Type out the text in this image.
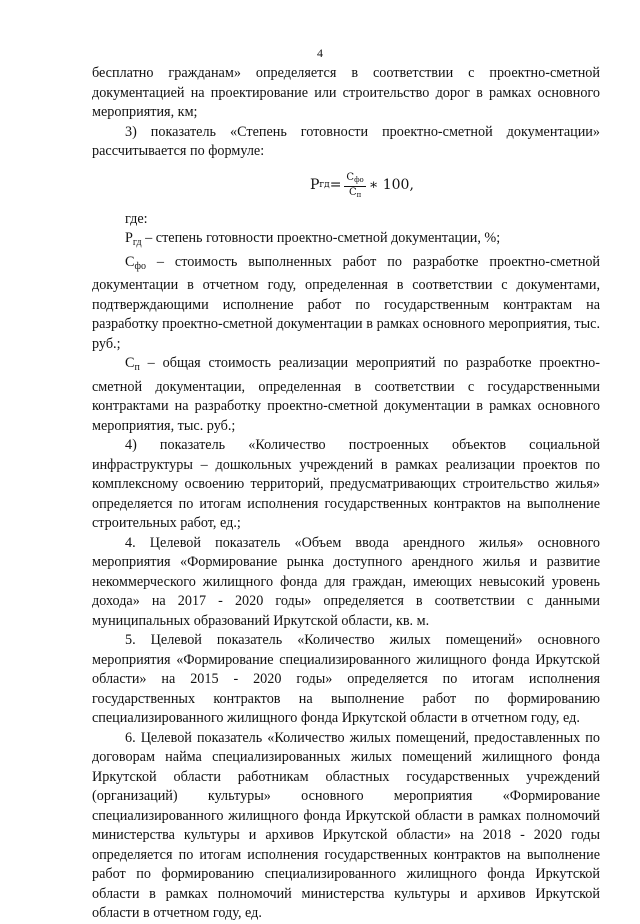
4

бесплатно гражданам» определяется в соответствии с проектно-сметной документацией на проектирование или строительство дорог в рамках основного мероприятия, км;

3) показатель «Степень готовности проектно-сметной документации» рассчитывается по формуле:

Р гд = $\frac{С_{фо}}{С_п}$ ∗ 100,

где:

$Р_{гд}$ – степень готовности проектно-сметной документации, %;

$С_{фо}$ – стоимость выполненных работ по разработке проектно-сметной документации в отчетном году, определенная в соответствии с документами, подтверждающими исполнение работ по государственным контрактам на разработку проектно-сметной документации в рамках основного мероприятия, тыс. руб.;

$С_п$ – общая стоимость реализации мероприятий по разработке проектно-сметной документации, определенная в соответствии с государственными контрактами на разработку проектно-сметной документации в рамках основного мероприятия, тыс. руб.;

4) показатель «Количество построенных объектов социальной инфраструктуры – дошкольных учреждений в рамках реализации проектов по комплексному освоению территорий, предусматривающих строительство жилья» определяется по итогам исполнения государственных контрактов на выполнение строительных работ, ед.;

4. Целевой показатель «Объем ввода арендного жилья» основного мероприятия «Формирование рынка доступного арендного жилья и развитие некоммерческого жилищного фонда для граждан, имеющих невысокий уровень дохода» на 2017 - 2020 годы» определяется в соответствии с данными муниципальных образований Иркутской области, кв. м.

5. Целевой показатель «Количество жилых помещений» основного мероприятия «Формирование специализированного жилищного фонда Иркутской области» на 2015 - 2020 годы» определяется по итогам исполнения государственных контрактов на выполнение работ по формированию специализированного жилищного фонда Иркутской области в отчетном году, ед.

6. Целевой показатель «Количество жилых помещений, предоставленных по договорам найма специализированных жилых помещений жилищного фонда Иркутской области работникам областных государственных учреждений (организаций) культуры» основного мероприятия «Формирование специализированного жилищного фонда Иркутской области в рамках полномочий министерства культуры и архивов Иркутской области» на 2018 - 2020 годы определяется по итогам исполнения государственных контрактов на выполнение работ по формированию специализированного жилищного фонда Иркутской области в рамках полномочий министерства культуры и архивов Иркутской области в отчетном году, ед.
